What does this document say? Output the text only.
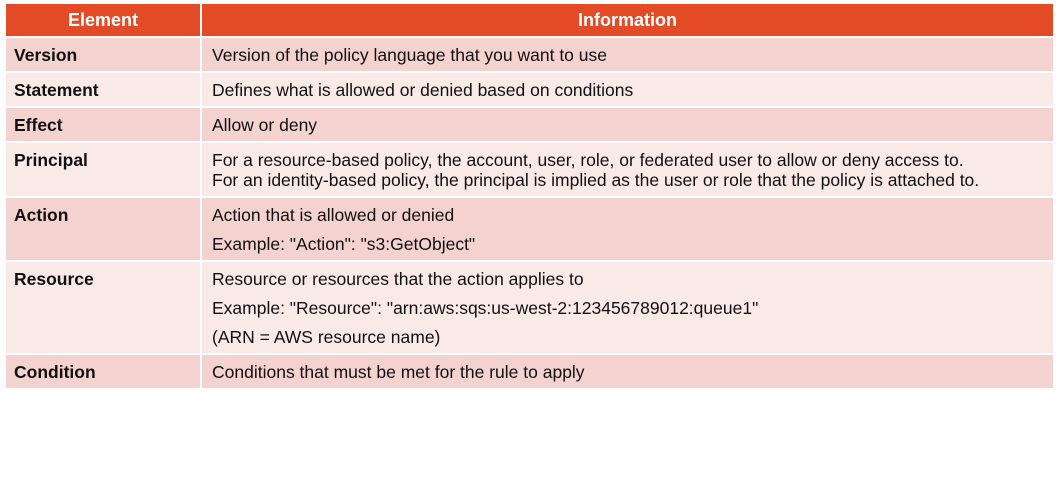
Element	Information
Version	Version of the policy language that you want to use

Statement	Defines what is allowed or denied based on conditions

Effect	Allow or deny

Principal	For a resource-based policy, the account, user, role, or federated user to allow or deny access to.
For an identity-based policy, the principal is implied as the user or role that the policy is attached to.

Action	Action that is allowed or denied
Example: "Action": "s3:GetObject"

Resource	Resource or resources that the action applies to
Example: "Resource": "arn:aws:sqs:us-west-2:123456789012:queue1"
(ARN = AWS resource name)

Condition	Conditions that must be met for the rule to apply
